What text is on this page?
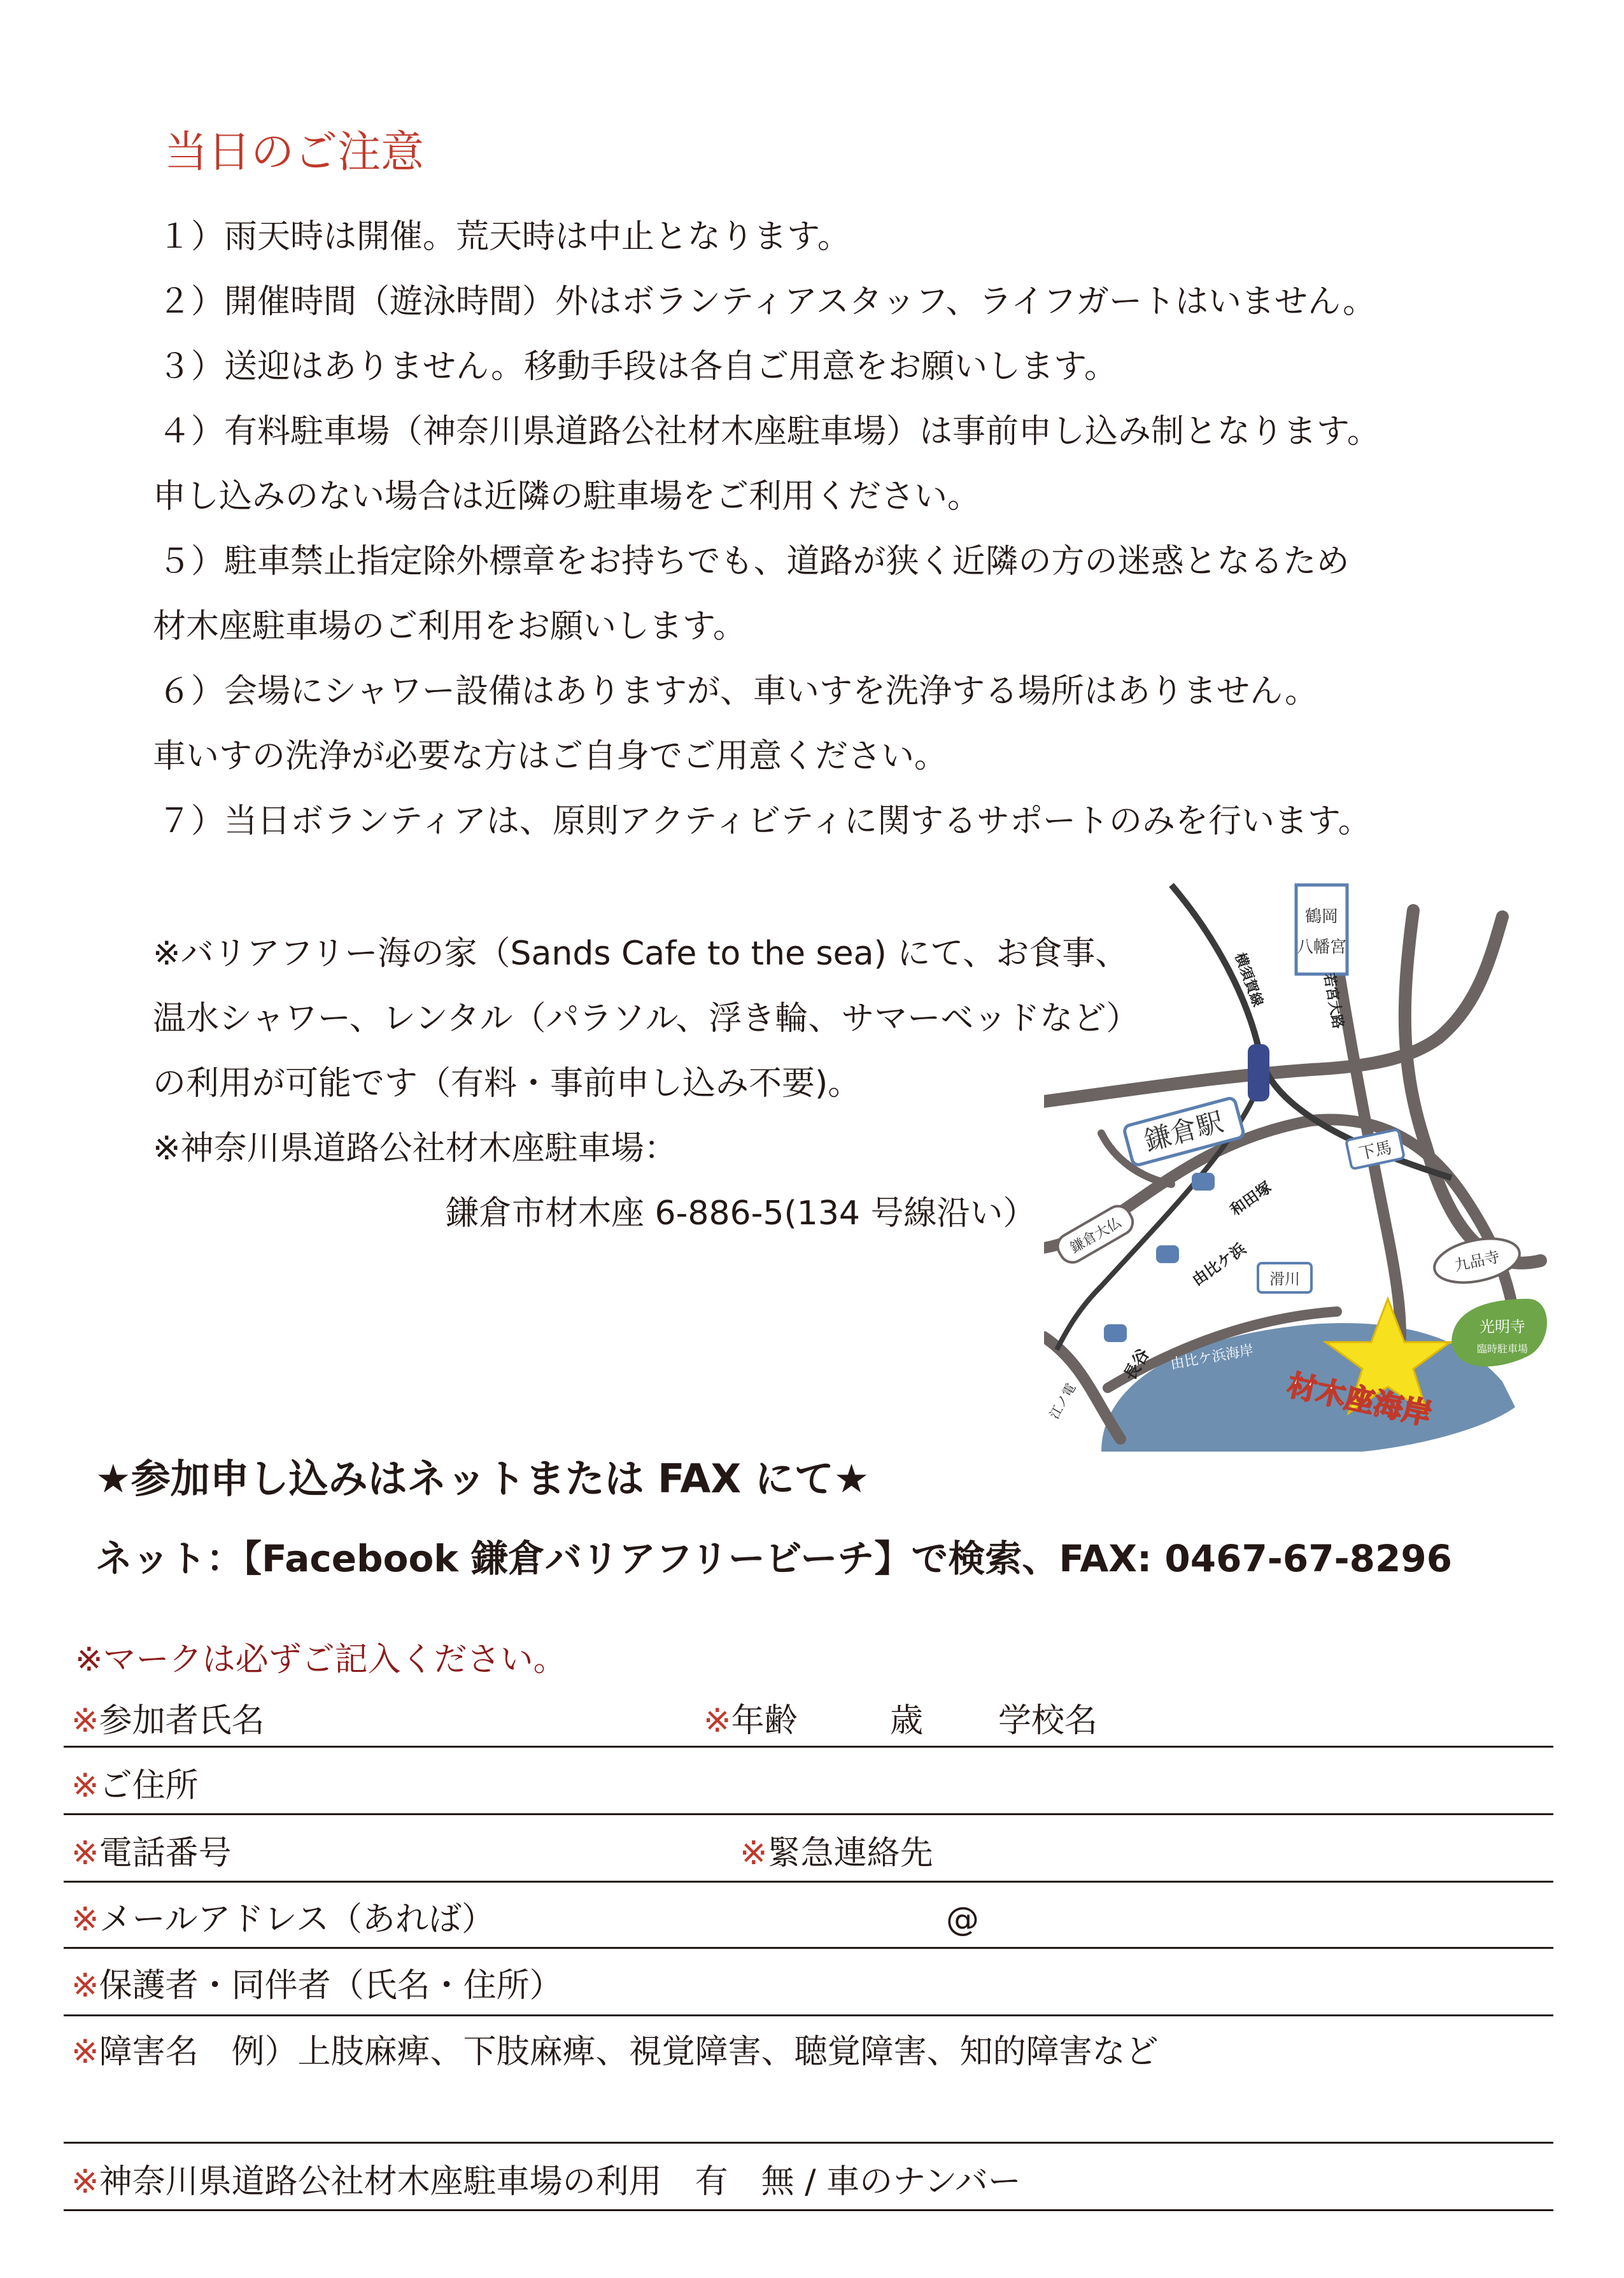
当日のご注意
１）雨天時は開催。荒天時は中止となります。
２）開催時間（遊泳時間）外はボランティアスタッフ、ライフガートはいません。
３）送迎はありません。移動手段は各自ご用意をお願いします。
４）有料駐車場（神奈川県道路公社材木座駐車場）は事前申し込み制となります。
申し込みのない場合は近隣の駐車場をご利用ください。
５）駐車禁止指定除外標章をお持ちでも、道路が狭く近隣の方の迷惑となるため
材木座駐車場のご利用をお願いします。
６）会場にシャワー設備はありますが、車いすを洗浄する場所はありません。
車いすの洗浄が必要な方はご自身でご用意ください。
７）当日ボランティアは、原則アクティビティに関するサポートのみを行います。
※バリアフリー海の家（Sands Cafe to the sea) にて、お食事、
温水シャワー、レンタル（パラソル、浮き輪、サマーベッドなど）
の利用が可能です（有料・事前申し込み不要)。
※神奈川県道路公社材木座駐車場：
鎌倉市材木座 6-886-5(134 号線沿い）
鶴岡
八幡宮
横須賀線	若宮大路
鎌倉駅	下馬
鎌倉大仏
和田塚
由比ケ浜 滑川
九品寺
長谷
江ノ電
由比ケ浜海岸
材木座海岸
光明寺
臨時駐車場
★参加申し込みはネットまたは FAX にて★
ネット：【Facebook 鎌倉バリアフリービーチ】で検索、FAX: 0467-67-8296
※マークは必ずご記入ください。
※参加者氏名	※年齢	歳 学校名
※ご住所
※電話番号	※緊急連絡先
※メールアドレス（あれば）	@
※保護者・同伴者（氏名・住所）
※障害名　例）上肢麻痺、下肢麻痺、視覚障害、聴覚障害、知的障害など
※神奈川県道路公社材木座駐車場の利用　有　無 / 車のナンバー
